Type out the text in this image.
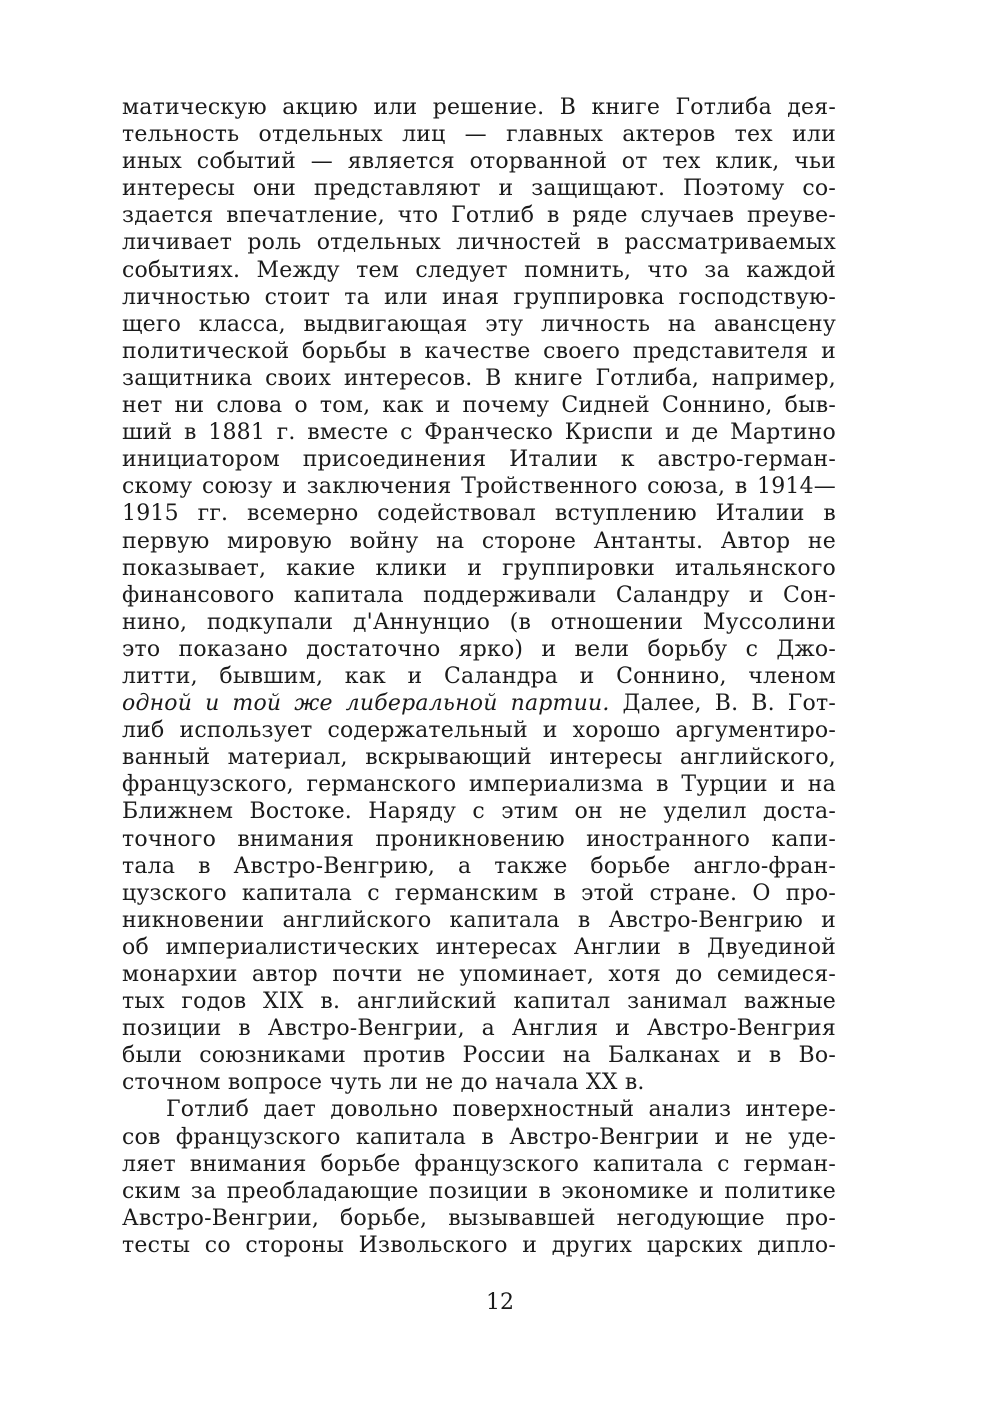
матическую акцию или решение. В книге Готлиба дея-
тельность отдельных лиц — главных актеров тех или
иных событий — является оторванной от тех клик, чьи
интересы они представляют и защищают. Поэтому со-
здается впечатление, что Готлиб в ряде случаев преуве-
личивает роль отдельных личностей в рассматриваемых
событиях. Между тем следует помнить, что за каждой
личностью стоит та или иная группировка господствую-
щего класса, выдвигающая эту личность на авансцену
политической борьбы в качестве своего представителя и
защитника своих интересов. В книге Готлиба, например,
нет ни слова о том, как и почему Сидней Соннино, быв-
ший в 1881 г. вместе с Франческо Криспи и де Мартино
инициатором присоединения Италии к австро-герман-
скому союзу и заключения Тройственного союза, в 1914—
1915 гг. всемерно содействовал вступлению Италии в
первую мировую войну на стороне Антанты. Автор не
показывает, какие клики и группировки итальянского
финансового капитала поддерживали Саландру и Сон-
нино, подкупали д'Аннунцио (в отношении Муссолини
это показано достаточно ярко) и вели борьбу с Джо-
литти, бывшим, как и Саландра и Соннино, членом
одной и той же либеральной партии. Далее, В. В. Гот-
либ использует содержательный и хорошо аргументиро-
ванный материал, вскрывающий интересы английского,
французского, германского империализма в Турции и на
Ближнем Востоке. Наряду с этим он не уделил доста-
точного внимания проникновению иностранного капи-
тала в Австро-Венгрию, а также борьбе англо-фран-
цузского капитала с германским в этой стране. О про-
никновении английского капитала в Австро-Венгрию и
об империалистических интересах Англии в Двуединой
монархии автор почти не упоминает, хотя до семидеся-
тых годов XIX в. английский капитал занимал важные
позиции в Австро-Венгрии, а Англия и Австро-Венгрия
были союзниками против России на Балканах и в Во-
сточном вопросе чуть ли не до начала XX в.
Готлиб дает довольно поверхностный анализ интере-
сов французского капитала в Австро-Венгрии и не уде-
ляет внимания борьбе французского капитала с герман-
ским за преобладающие позиции в экономике и политике
Австро-Венгрии, борьбе, вызывавшей негодующие про-
тесты со стороны Извольского и других царских дипло-
12
